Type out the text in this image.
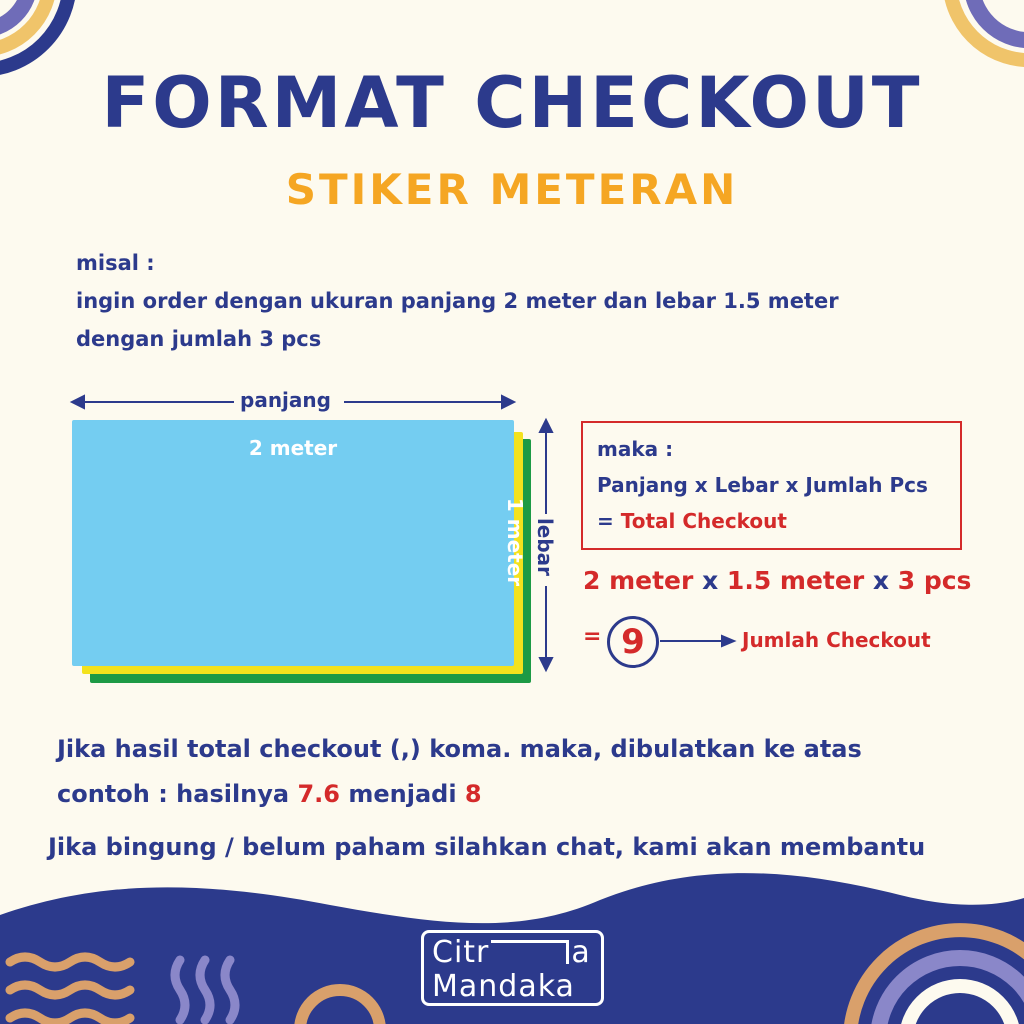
FORMAT CHECKOUT
STIKER METERAN
misal :
ingin order dengan ukuran panjang 2 meter dan lebar 1.5 meter
dengan jumlah 3 pcs
2 meter
1 meter
panjang
lebar
maka :
Panjang x Lebar x Jumlah Pcs
= Total Checkout
2 meter x 1.5 meter x 3 pcs
= 9	Jumlah Checkout
Jika hasil total checkout (,) koma. maka, dibulatkan ke atas
contoh : hasilnya 7.6 menjadi 8
Jika bingung / belum paham silahkan chat, kami akan membantu
Citr	a
Mandaka
